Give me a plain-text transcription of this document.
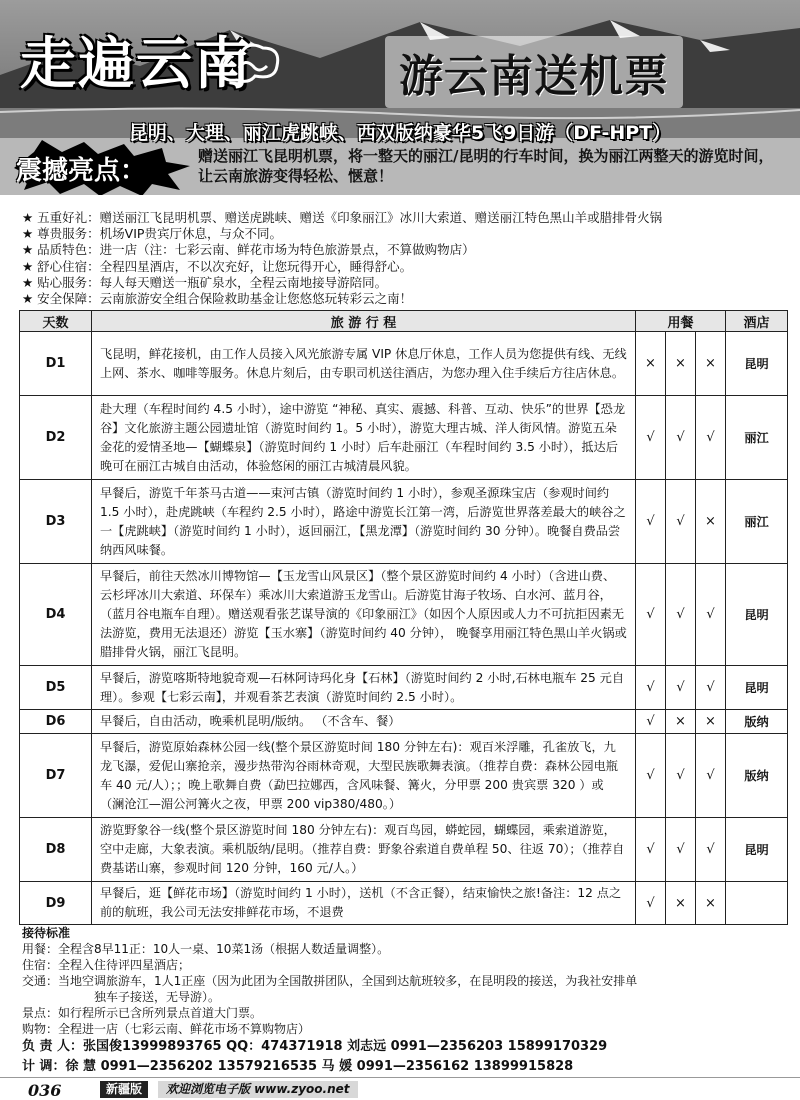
走遍云南	游云南送机票
昆明、大理、丽江虎跳峡、西双版纳豪华5飞9日游（DF-HPT）
震撼亮点：	赠送丽江飞昆明机票，将一整天的丽江/昆明的行车时间，换为丽江两整天的游览时间，让云南旅游变得轻松、惬意！
★ 五重好礼：赠送丽江飞昆明机票、赠送虎跳峡、赠送《印象丽江》冰川大索道、赠送丽江特色黑山羊或腊排骨火锅
★ 尊贵服务：机场VIP贵宾厅休息，与众不同。
★ 品质特色：进一店（注：七彩云南、鲜花市场为特色旅游景点，不算做购物店）
★ 舒心住宿：全程四星酒店，不以次充好，让您玩得开心，睡得舒心。
★ 贴心服务：每人每天赠送一瓶矿泉水，全程云南地接导游陪同。
★ 安全保障：云南旅游安全组合保险救助基金让您悠悠玩转彩云之南！
天数	旅 游 行 程	用餐			酒店
D1	飞昆明，鲜花接机，由工作人员接入风光旅游专属 VIP 休息厅休息，工作人员为您提供有线、无线上网、茶水、咖啡等服务。休息片刻后，由专职司机送往酒店，为您办理入住手续后方往店休息。	×	×	×	昆明
D2	赴大理（车程时间约 4.5 小时），途中游览 “神秘、真实、震撼、科普、互动、快乐”的世界【恐龙谷】文化旅游主题公园遗址馆（游览时间约 1。5 小时），游览大理古城、洋人街风情。游览五朵金花的爱情圣地—【蝴蝶泉】（游览时间约 1 小时）后车赴丽江（车程时间约 3.5 小时），抵达后晚可在丽江古城自由活动，体验悠闲的丽江古城清晨风貌。	√	√	√	丽江
D3	早餐后，游览千年茶马古道——束河古镇（游览时间约 1 小时），参观圣源珠宝店（参观时间约 1.5 小时），赴虎跳峡（车程约 2.5 小时），路途中游览长江第一湾，后游览世界落差最大的峡谷之一【虎跳峡】（游览时间约 1 小时），返回丽江，【黑龙潭】（游览时间约 30 分钟）。晚餐自费品尝纳西风味餐。	√	√	×	丽江
D4	早餐后，前往天然冰川博物馆—【玉龙雪山风景区】（整个景区游览时间约 4 小时）（含进山费、云杉坪冰川大索道、环保车）乘冰川大索道游玉龙雪山。后游览甘海子牧场、白水河、蓝月谷，（蓝月谷电瓶车自理）。赠送观看张艺谋导演的《印象丽江》（如因个人原因或人力不可抗拒因素无法游览，费用无法退还）游览【玉水寨】（游览时间约 40 分钟）， 晚餐享用丽江特色黑山羊火锅或腊排骨火锅，丽江飞昆明。	√	√	√	昆明
D5	早餐后，游览喀斯特地貌奇观—石林阿诗玛化身【石林】（游览时间约 2 小时,石林电瓶车 25 元自理）。参观【七彩云南】，并观看茶艺表演（游览时间约 2.5 小时）。	√	√	√	昆明
D6	早餐后，自由活动，晚乘机昆明/版纳。 （不含车、餐）	√	×	×	版纳
D7	早餐后，游览原始森林公园一线(整个景区游览时间 180 分钟左右)：观百米浮雕，孔雀放飞，九龙飞瀑，爱伲山寨抢亲，漫步热带沟谷雨林奇观，大型民族歌舞表演。（推荐自费：森林公园电瓶车 40 元/人）；；晚上歌舞自费（勐巴拉娜西，含风味餐、篝火，分甲票 200 贵宾票 320 ）或（澜沧江—湄公河篝火之夜，甲票 200 vip380/480。）	√	√	√	版纳
D8	游览野象谷一线(整个景区游览时间 180 分钟左右)：观百鸟园，蟒蛇园，蝴蝶园，乘索道游览，空中走廊，大象表演。乘机版纳/昆明。（推荐自费：野象谷索道自费单程 50、往返 70）；（推荐自费基诺山寨，参观时间 120 分钟，160 元/人。）	√	√	√	昆明
D9	早餐后，逛【鲜花市场】（游览时间约 1 小时），送机（不含正餐），结束愉快之旅!备注：12 点之前的航班，我公司无法安排鲜花市场，不退费	√	×	×	
接待标准
用餐：全程含8早11正：10人一桌、10菜1汤（根据人数适量调整）。
住宿：全程入住待评四星酒店；
交通：当地空调旅游车，1人1正座（因为此团为全国散拼团队，全国到达航班较多，在昆明段的接送，为我社安排单
独车子接送，无导游）。
景点：如行程所示已含所列景点首道大门票。
购物：全程进一店（七彩云南、鲜花市场不算购物店）
负 责 人：张国俊13999893765 QQ：474371918 刘志远 0991—2356203 15899170329
计 调：徐 慧 0991—2356202 13579216535 马 媛 0991—2356162 13899915828
036	新疆版	欢迎浏览电子版 www.zyoo.net
